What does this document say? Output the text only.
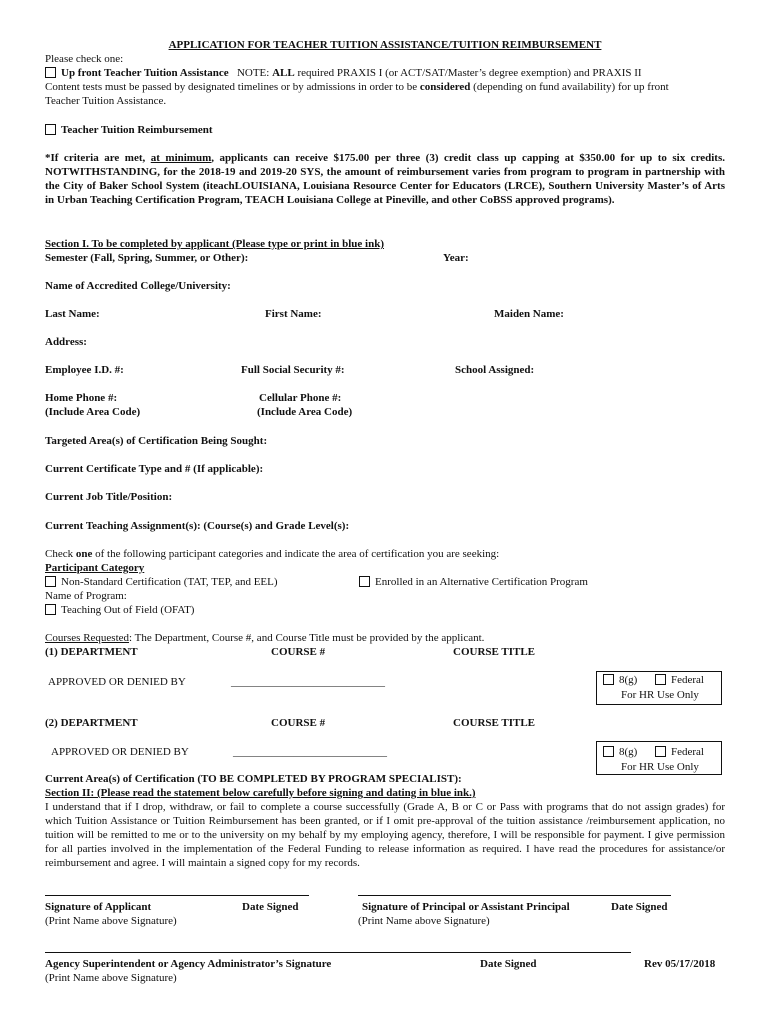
APPLICATION FOR TEACHER TUITION ASSISTANCE/TUITION REIMBURSEMENT
Please check one:
Up front Teacher Tuition Assistance NOTE: ALL required PRAXIS I (or ACT/SAT/Master’s degree exemption) and PRAXIS II
Content tests must be passed by designated timelines or by admissions in order to be considered (depending on fund availability) for up front
Teacher Tuition Assistance.
Teacher Tuition Reimbursement
*If criteria are met, at minimum, applicants can receive $175.00 per three (3) credit class up capping at $350.00 for up to six credits. NOTWITHSTANDING, for the 2018-19 and 2019-20 SYS, the amount of reimbursement varies from program to program in partnership with the City of Baker School System (iteachLOUISIANA, Louisiana Resource Center for Educators (LRCE), Southern University Master’s of Arts in Urban Teaching Certification Program, TEACH Louisiana College at Pineville, and other CoBSS approved programs).
Section I. To be completed by applicant (Please type or print in blue ink)
Semester (Fall, Spring, Summer, or Other):	Year:
Name of Accredited College/University:
Last Name:	First Name:	Maiden Name:
Address:
Employee I.D. #:	Full Social Security #:	School Assigned:
Home Phone #:
(Include Area Code)
Cellular Phone #:
(Include Area Code)
Targeted Area(s) of Certification Being Sought:
Current Certificate Type and # (If applicable):
Current Job Title/Position:
Current Teaching Assignment(s): (Course(s) and Grade Level(s):
Check one of the following participant categories and indicate the area of certification you are seeking:
Participant Category
Non-Standard Certification (TAT, TEP, and EEL)	Enrolled in an Alternative Certification Program
Name of Program:
Teaching Out of Field (OFAT)
Courses Requested: The Department, Course #, and Course Title must be provided by the applicant.
(1) DEPARTMENT	COURSE #	COURSE TITLE
APPROVED OR DENIED BY	____________________________	8(g)	Federal
For HR Use Only
(2) DEPARTMENT	COURSE #	COURSE TITLE
APPROVED OR DENIED BY	____________________________	8(g)	Federal
For HR Use Only
Current Area(s) of Certification (TO BE COMPLETED BY PROGRAM SPECIALIST):
Section II: (Please read the statement below carefully before signing and dating in blue ink.)
I understand that if I drop, withdraw, or fail to complete a course successfully (Grade A, B or C or Pass with programs that do not assign grades) for which Tuition Assistance or Tuition Reimbursement has been granted, or if I omit pre-approval of the tuition assistance /reimbursement application, no tuition will be remitted to me or to the university on my behalf by my employing agency, therefore, I will be responsible for payment. I give permission for all parties involved in the implementation of the Federal Funding to release information as required. I have read the procedures for assistance/or reimbursement and agree. I will maintain a signed copy for my records.
Signature of Applicant	Date Signed
(Print Name above Signature)
Signature of Principal or Assistant Principal	Date Signed
(Print Name above Signature)
Agency Superintendent or Agency Administrator’s Signature	Date Signed	Rev 05/17/2018
(Print Name above Signature)
